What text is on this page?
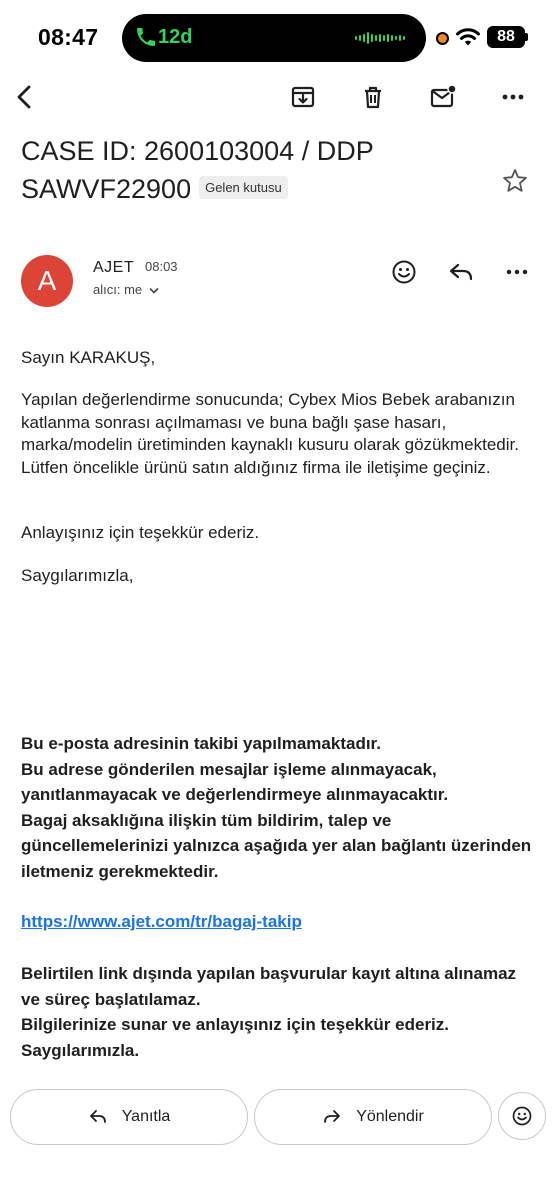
08:47	12d	88
CASE ID: 2600103004 / DDP SAWVF22900 Gelen kutusu
A	AJET 08:03
alıcı: me
Sayın KARAKUŞ,
Yapılan değerlendirme sonucunda; Cybex Mios Bebek arabanızın katlanma sonrası açılmaması ve buna bağlı şase hasarı, marka/modelin üretiminden kaynaklı kusuru olarak gözükmektedir. Lütfen öncelikle ürünü satın aldığınız firma ile iletişime geçiniz.
Anlayışınız için teşekkür ederiz.
Saygılarımızla,
Bu e-posta adresinin takibi yapılmamaktadır.
Bu adrese gönderilen mesajlar işleme alınmayacak, yanıtlanmayacak ve değerlendirmeye alınmayacaktır.
Bagaj aksaklığına ilişkin tüm bildirim, talep ve güncellemelerinizi yalnızca aşağıda yer alan bağlantı üzerinden iletmeniz gerekmektedir.
https://www.ajet.com/tr/bagaj-takip
Belirtilen link dışında yapılan başvurular kayıt altına alınamaz ve süreç başlatılamaz.
Bilgilerinize sunar ve anlayışınız için teşekkür ederiz.
Saygılarımızla.
Yanıtla	Yönlendir
